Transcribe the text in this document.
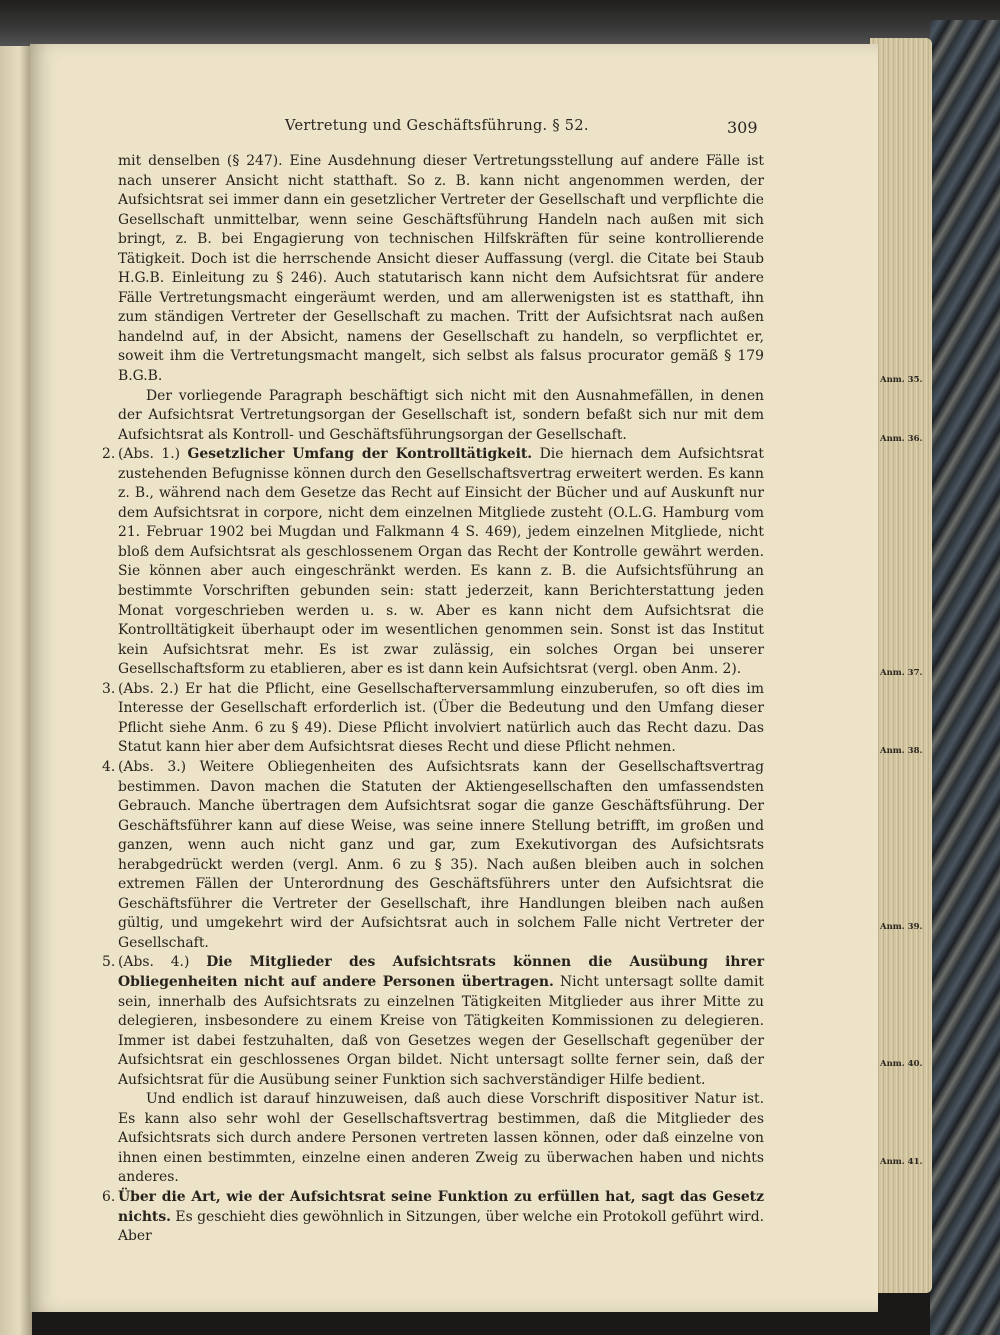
Vertretung und Geschäftsführung. § 52.	309
Anm. 35.
Anm. 36.
Anm. 37.
Anm. 38.
Anm. 39.
Anm. 40.
Anm. 41.

mit denselben (§ 247). Eine Ausdehnung dieser Vertretungsstellung auf andere Fälle ist nach unserer Ansicht nicht statthaft. So z. B. kann nicht angenommen werden, der Aufsichtsrat sei immer dann ein gesetzlicher Vertreter der Gesellschaft und verpflichte die Gesellschaft unmittelbar, wenn seine Geschäftsführung Handeln nach außen mit sich bringt, z. B. bei Engagierung von technischen Hilfskräften für seine kontrollierende Tätigkeit. Doch ist die herrschende Ansicht dieser Auffassung (vergl. die Citate bei Staub H.G.B. Einleitung zu § 246). Auch statutarisch kann nicht dem Aufsichtsrat für andere Fälle Vertretungsmacht eingeräumt werden, und am allerwenigsten ist es statthaft, ihn zum ständigen Vertreter der Gesellschaft zu machen. Tritt der Aufsichtsrat nach außen handelnd auf, in der Absicht, namens der Gesellschaft zu handeln, so verpflichtet er, soweit ihm die Vertretungsmacht mangelt, sich selbst als falsus procurator gemäß § 179 B.G.B.

Der vorliegende Paragraph beschäftigt sich nicht mit den Ausnahmefällen, in denen der Aufsichtsrat Vertretungsorgan der Gesellschaft ist, sondern befaßt sich nur mit dem Aufsichtsrat als Kontroll- und Geschäftsführungsorgan der Gesellschaft.

2. (Abs. 1.) Gesetzlicher Umfang der Kontrolltätigkeit. Die hiernach dem Aufsichtsrat zustehenden Befugnisse können durch den Gesellschaftsvertrag erweitert werden. Es kann z. B., während nach dem Gesetze das Recht auf Einsicht der Bücher und auf Auskunft nur dem Aufsichtsrat in corpore, nicht dem einzelnen Mitgliede zusteht (O.L.G. Hamburg vom 21. Februar 1902 bei Mugdan und Falkmann 4 S. 469), jedem einzelnen Mitgliede, nicht bloß dem Aufsichtsrat als geschlossenem Organ das Recht der Kontrolle gewährt werden. Sie können aber auch eingeschränkt werden. Es kann z. B. die Aufsichtsführung an bestimmte Vorschriften gebunden sein: statt jederzeit, kann Berichterstattung jeden Monat vorgeschrieben werden u. s. w. Aber es kann nicht dem Aufsichtsrat die Kontrolltätigkeit überhaupt oder im wesentlichen genommen sein. Sonst ist das Institut kein Aufsichtsrat mehr. Es ist zwar zulässig, ein solches Organ bei unserer Gesellschaftsform zu etablieren, aber es ist dann kein Aufsichtsrat (vergl. oben Anm. 2).

3. (Abs. 2.) Er hat die Pflicht, eine Gesellschafterversammlung einzuberufen, so oft dies im Interesse der Gesellschaft erforderlich ist. (Über die Bedeutung und den Umfang dieser Pflicht siehe Anm. 6 zu § 49). Diese Pflicht involviert natürlich auch das Recht dazu. Das Statut kann hier aber dem Aufsichtsrat dieses Recht und diese Pflicht nehmen.

4. (Abs. 3.) Weitere Obliegenheiten des Aufsichtsrats kann der Gesellschaftsvertrag bestimmen. Davon machen die Statuten der Aktiengesellschaften den umfassendsten Gebrauch. Manche übertragen dem Aufsichtsrat sogar die ganze Geschäftsführung. Der Geschäftsführer kann auf diese Weise, was seine innere Stellung betrifft, im großen und ganzen, wenn auch nicht ganz und gar, zum Exekutivorgan des Aufsichtsrats herabgedrückt werden (vergl. Anm. 6 zu § 35). Nach außen bleiben auch in solchen extremen Fällen der Unterordnung des Geschäftsführers unter den Aufsichtsrat die Geschäftsführer die Vertreter der Gesellschaft, ihre Handlungen bleiben nach außen gültig, und umgekehrt wird der Aufsichtsrat auch in solchem Falle nicht Vertreter der Gesellschaft.

5. (Abs. 4.) Die Mitglieder des Aufsichtsrats können die Ausübung ihrer Obliegenheiten nicht auf andere Personen übertragen. Nicht untersagt sollte damit sein, innerhalb des Aufsichtsrats zu einzelnen Tätigkeiten Mitglieder aus ihrer Mitte zu delegieren, insbesondere zu einem Kreise von Tätigkeiten Kommissionen zu delegieren. Immer ist dabei festzuhalten, daß von Gesetzes wegen der Gesellschaft gegenüber der Aufsichtsrat ein geschlossenes Organ bildet. Nicht untersagt sollte ferner sein, daß der Aufsichtsrat für die Ausübung seiner Funktion sich sachverständiger Hilfe bedient.

Und endlich ist darauf hinzuweisen, daß auch diese Vorschrift dispositiver Natur ist. Es kann also sehr wohl der Gesellschaftsvertrag bestimmen, daß die Mitglieder des Aufsichtsrats sich durch andere Personen vertreten lassen können, oder daß einzelne von ihnen einen bestimmten, einzelne einen anderen Zweig zu überwachen haben und nichts anderes.

6. Über die Art, wie der Aufsichtsrat seine Funktion zu erfüllen hat, sagt das Gesetz nichts. Es geschieht dies gewöhnlich in Sitzungen, über welche ein Protokoll geführt wird. Aber
